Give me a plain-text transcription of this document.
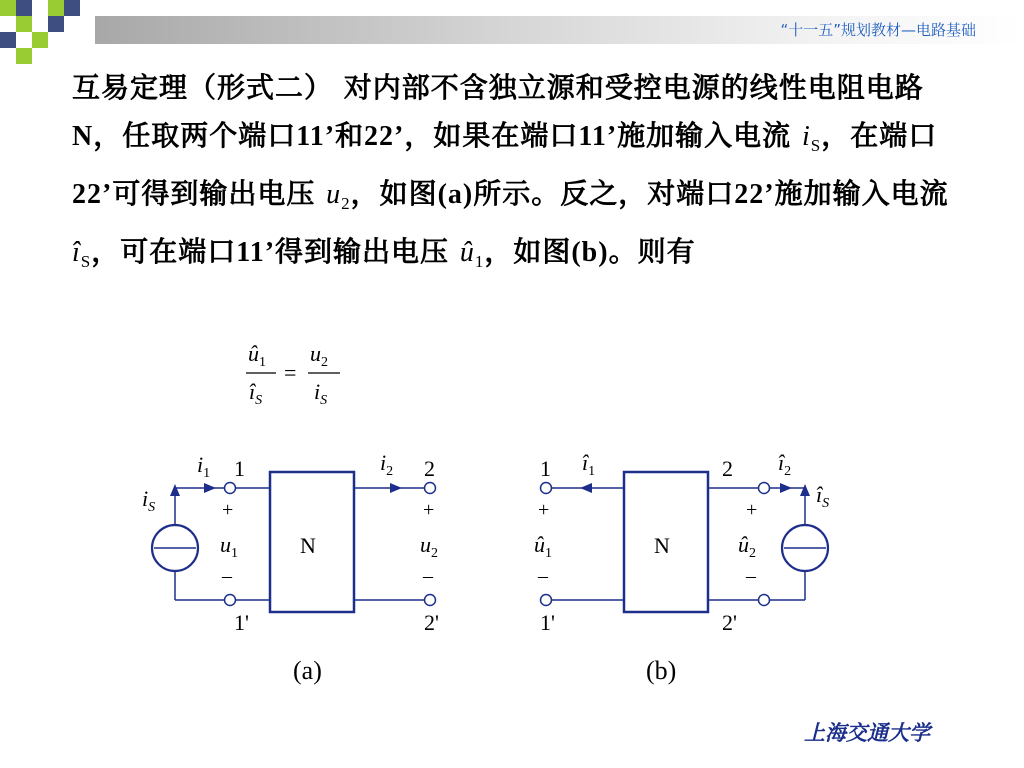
“十一五”规划教材—电路基础
互易定理（形式二） 对内部不含独立源和受控电源的线性电阻电路N，任取两个端口11’和22’，如果在端口11’施加输入电流 $i_S$，在端口22’可得到输出电压 $u_2$，如图(a)所示。反之，对端口22’施加输入电流 $î_S$，可在端口11’得到输出电压 $û_1$，如图(b)。则有
$û_1$
$î_S$
=
$u_2$
$i_S$
N
1
1'
2
2'
+
–
+
–
$i_1$	$i_2$
$i_S$
$u_1$	$u_2$
(a)
N
1
1'
2
2'
+
–
+
–
$î_1$	$î_2$
$î_S$
$û_1$	$û_2$
(b)
上海交通大学
